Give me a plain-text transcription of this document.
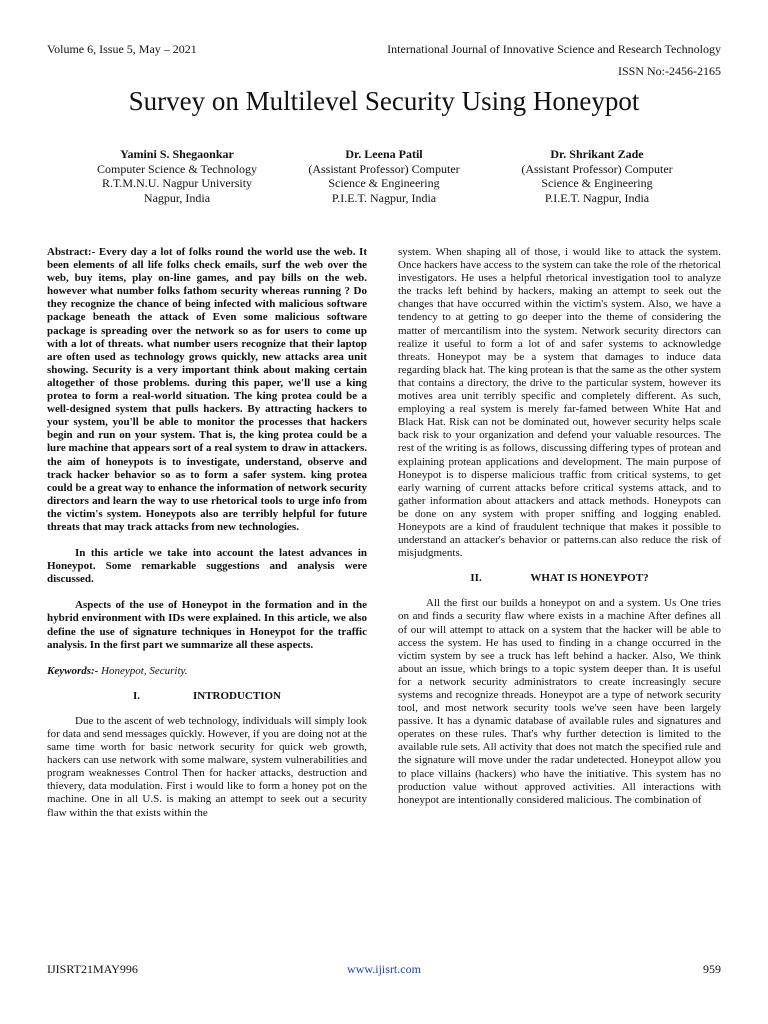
Volume 6, Issue 5, May – 2021	International Journal of Innovative Science and Research Technology
ISSN No:-2456-2165
Survey on Multilevel Security Using Honeypot
Yamini S. Shegaonkar
Computer Science & Technology
R.T.M.N.U. Nagpur University
Nagpur, India
Dr. Leena Patil
(Assistant Professor) Computer
Science & Engineering
P.I.E.T. Nagpur, India
Dr. Shrikant Zade
(Assistant Professor) Computer
Science & Engineering
P.I.E.T. Nagpur, India

Abstract:- Every day a lot of folks round the world use the web. It been elements of all life folks check emails, surf the web over the web, buy items, play on-line games, and pay bills on the web. however what number folks fathom security whereas running ? Do they recognize the chance of being infected with malicious software package beneath the attack of Even some malicious software package is spreading over the network so as for users to come up with a lot of threats. what number users recognize that their laptop are often used as technology grows quickly, new attacks area unit showing. Security is a very important think about making certain altogether of those problems. during this paper, we'll use a king protea to form a real-world situation. The king protea could be a well-designed system that pulls hackers. By attracting hackers to your system, you'll be able to monitor the processes that hackers begin and run on your system. That is, the king protea could be a lure machine that appears sort of a real system to draw in attackers. the aim of honeypots is to investigate, understand, observe and track hacker behavior so as to form a safer system. king protea could be a great way to enhance the information of network security directors and learn the way to use rhetorical tools to urge info from the victim's system. Honeypots also are terribly helpful for future threats that may track attacks from new technologies.

In this article we take into account the latest advances in Honeypot. Some remarkable suggestions and analysis were discussed.

Aspects of the use of Honeypot in the formation and in the hybrid environment with IDs were explained. In this article, we also define the use of signature techniques in Honeypot for the traffic analysis. In the first part we summarize all these aspects.

Keywords:- Honeypot, Security.

I.	INTRODUCTION

Due to the ascent of web technology, individuals will simply look for data and send messages quickly. However, if you are doing not at the same time worth for basic network security for quick web growth, hackers can use network with some malware, system vulnerabilities and program weaknesses Control Then for hacker attacks, destruction and thievery, data modulation. First i would like to form a honey pot on the machine. One in all U.S. is making an attempt to seek out a security flaw within the that exists within the

system. When shaping all of those, i would like to attack the system. Once hackers have access to the system can take the role of the rhetorical investigators. He uses a helpful rhetorical investigation tool to analyze the tracks left behind by hackers, making an attempt to seek out the changes that have occurred within the victim's system. Also, we have a tendency to at getting to go deeper into the theme of considering the matter of mercantilism into the system. Network security directors can realize it useful to form a lot of and safer systems to acknowledge threats. Honeypot may be a system that damages to induce data regarding black hat. The king protean is that the same as the other system that contains a directory, the drive to the particular system, however its motives area unit terribly specific and completely different. As such, employing a real system is merely far-famed between White Hat and Black Hat. Risk can not be dominated out, however security helps scale back risk to your organization and defend your valuable resources. The rest of the writing is as follows, discussing differing types of protean and explaining protean applications and development. The main purpose of Honeypot is to disperse malicious traffic from critical systems, to get early warning of current attacks before critical systems attack, and to gather information about attackers and attack methods. Honeypots can be done on any system with proper sniffing and logging enabled. Honeypots are a kind of fraudulent technique that makes it possible to understand an attacker's behavior or patterns.can also reduce the risk of misjudgments.

II.	WHAT IS HONEYPOT?

All the first our builds a honeypot on and a system. Us One tries on and finds a security flaw where exists in a machine After defines all of our will attempt to attack on a system that the hacker will be able to access the system. He has used to finding in a change occurred in the victim system by see a truck has left behind a hacker. Also, We think about an issue, which brings to a topic system deeper than. It is useful for a network security administrators to create increasingly secure systems and recognize threads. Honeypot are a type of network security tool, and most network security tools we've seen have been largely passive. It has a dynamic database of available rules and signatures and operates on these rules. That's why further detection is limited to the available rule sets. All activity that does not match the specified rule and the signature will move under the radar undetected. Honeypot allow you to place villains (hackers) who have the initiative. This system has no production value without approved activities. All interactions with honeypot are intentionally considered malicious. The combination of

IJISRT21MAY996	www.ijisrt.com	959
